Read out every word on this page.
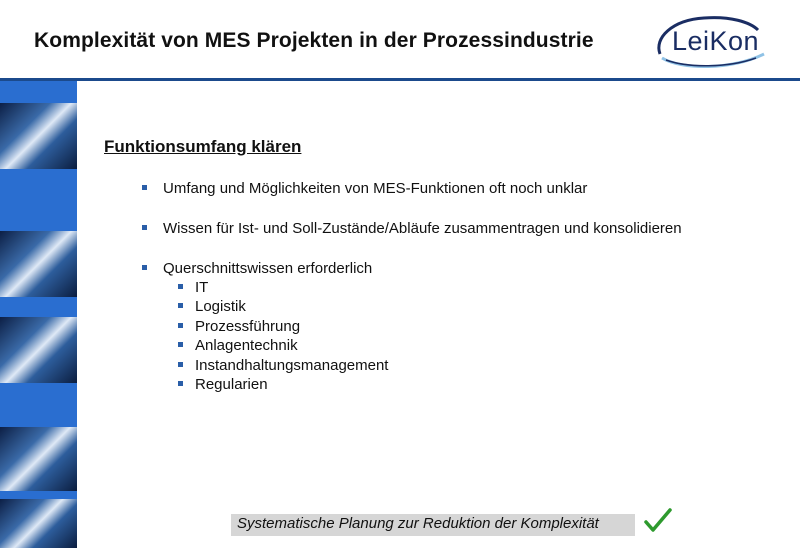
Komplexität von MES Projekten in der Prozessindustrie	LeiKon
Funktionsumfang klären
Umfang und Möglichkeiten von MES-Funktionen oft noch unklar
Wissen für Ist- und Soll-Zustände/Abläufe zusammentragen und konsolidieren
Querschnittswissen erforderlich
IT
Logistik
Prozessführung
Anlagentechnik
Instandhaltungsmanagement
Regularien
Systematische Planung zur Reduktion der Komplexität
